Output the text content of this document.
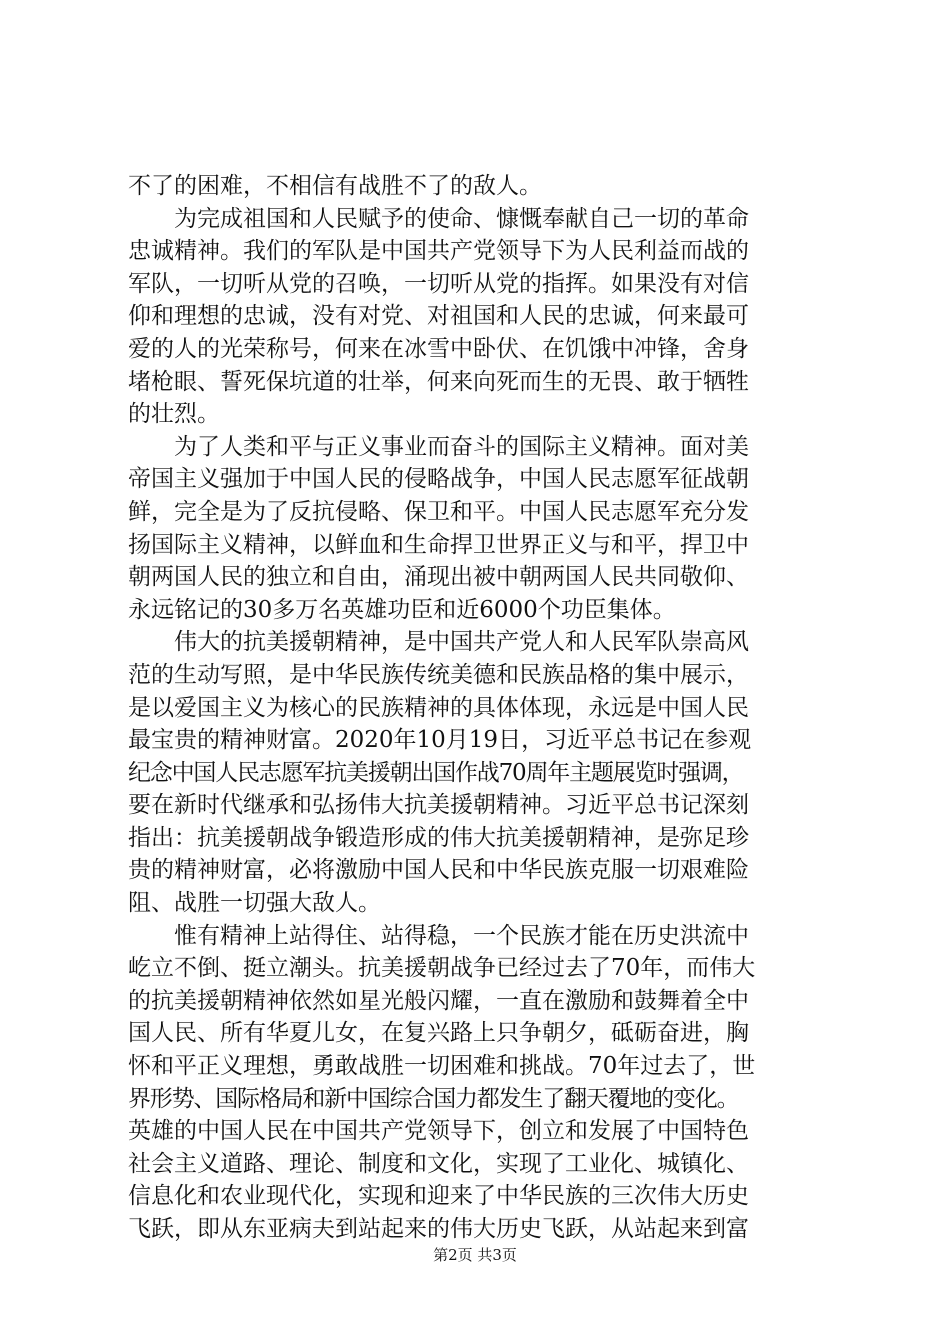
不了的困难，不相信有战胜不了的敌人。
为完成祖国和人民赋予的使命、慷慨奉献自己一切的革命
忠诚精神。我们的军队是中国共产党领导下为人民利益而战的
军队，一切听从党的召唤，一切听从党的指挥。如果没有对信
仰和理想的忠诚，没有对党、对祖国和人民的忠诚，何来最可
爱的人的光荣称号，何来在冰雪中卧伏、在饥饿中冲锋，舍身
堵枪眼、誓死保坑道的壮举，何来向死而生的无畏、敢于牺牲
的壮烈。
为了人类和平与正义事业而奋斗的国际主义精神。面对美
帝国主义强加于中国人民的侵略战争，中国人民志愿军征战朝
鲜，完全是为了反抗侵略、保卫和平。中国人民志愿军充分发
扬国际主义精神，以鲜血和生命捍卫世界正义与和平，捍卫中
朝两国人民的独立和自由，涌现出被中朝两国人民共同敬仰、
永远铭记的30多万名英雄功臣和近6000个功臣集体。
伟大的抗美援朝精神，是中国共产党人和人民军队崇高风
范的生动写照，是中华民族传统美德和民族品格的集中展示，
是以爱国主义为核心的民族精神的具体体现，永远是中国人民
最宝贵的精神财富。2020年10月19日，习近平总书记在参观
纪念中国人民志愿军抗美援朝出国作战70周年主题展览时强调，
要在新时代继承和弘扬伟大抗美援朝精神。习近平总书记深刻
指出：抗美援朝战争锻造形成的伟大抗美援朝精神，是弥足珍
贵的精神财富，必将激励中国人民和中华民族克服一切艰难险
阻、战胜一切强大敌人。
惟有精神上站得住、站得稳，一个民族才能在历史洪流中
屹立不倒、挺立潮头。抗美援朝战争已经过去了70年，而伟大
的抗美援朝精神依然如星光般闪耀，一直在激励和鼓舞着全中
国人民、所有华夏儿女，在复兴路上只争朝夕，砥砺奋进，胸
怀和平正义理想，勇敢战胜一切困难和挑战。70年过去了，世
界形势、国际格局和新中国综合国力都发生了翻天覆地的变化。
英雄的中国人民在中国共产党领导下，创立和发展了中国特色
社会主义道路、理论、制度和文化，实现了工业化、城镇化、
信息化和农业现代化，实现和迎来了中华民族的三次伟大历史
飞跃，即从东亚病夫到站起来的伟大历史飞跃，从站起来到富
第2页 共3页
